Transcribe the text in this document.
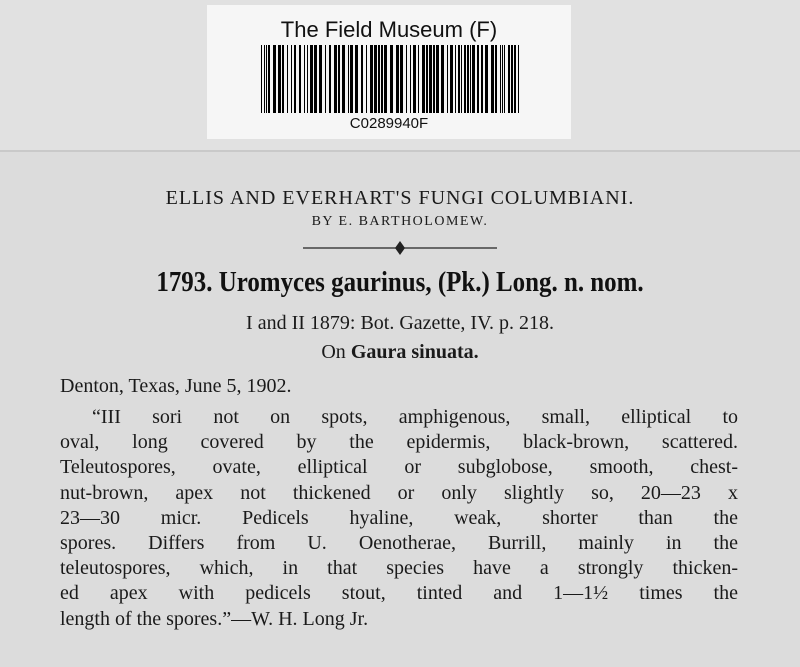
The Field Museum (F)
C0289940F
ELLIS AND EVERHART'S FUNGI COLUMBIANI.
BY E. BARTHOLOMEW.
1793. Uromyces gaurinus, (Pk.) Long. n. nom.
I and II 1879: Bot. Gazette, IV. p. 218.
On Gaura sinuata.
Denton, Texas, June 5, 1902.
“III sori not on spots, amphigenous, small, elliptical to
oval, long covered by the epidermis, black-brown, scattered.
Teleutospores, ovate, elliptical or subglobose, smooth, chest-
nut-brown, apex not thickened or only slightly so, 20—23 x
23—30 micr. Pedicels hyaline, weak, shorter than the
spores. Differs from U. Oenotherae, Burrill, mainly in the
teleutospores, which, in that species have a strongly thicken-
ed apex with pedicels stout, tinted and 1—1½ times the
length of the spores.”—W. H. Long Jr.
